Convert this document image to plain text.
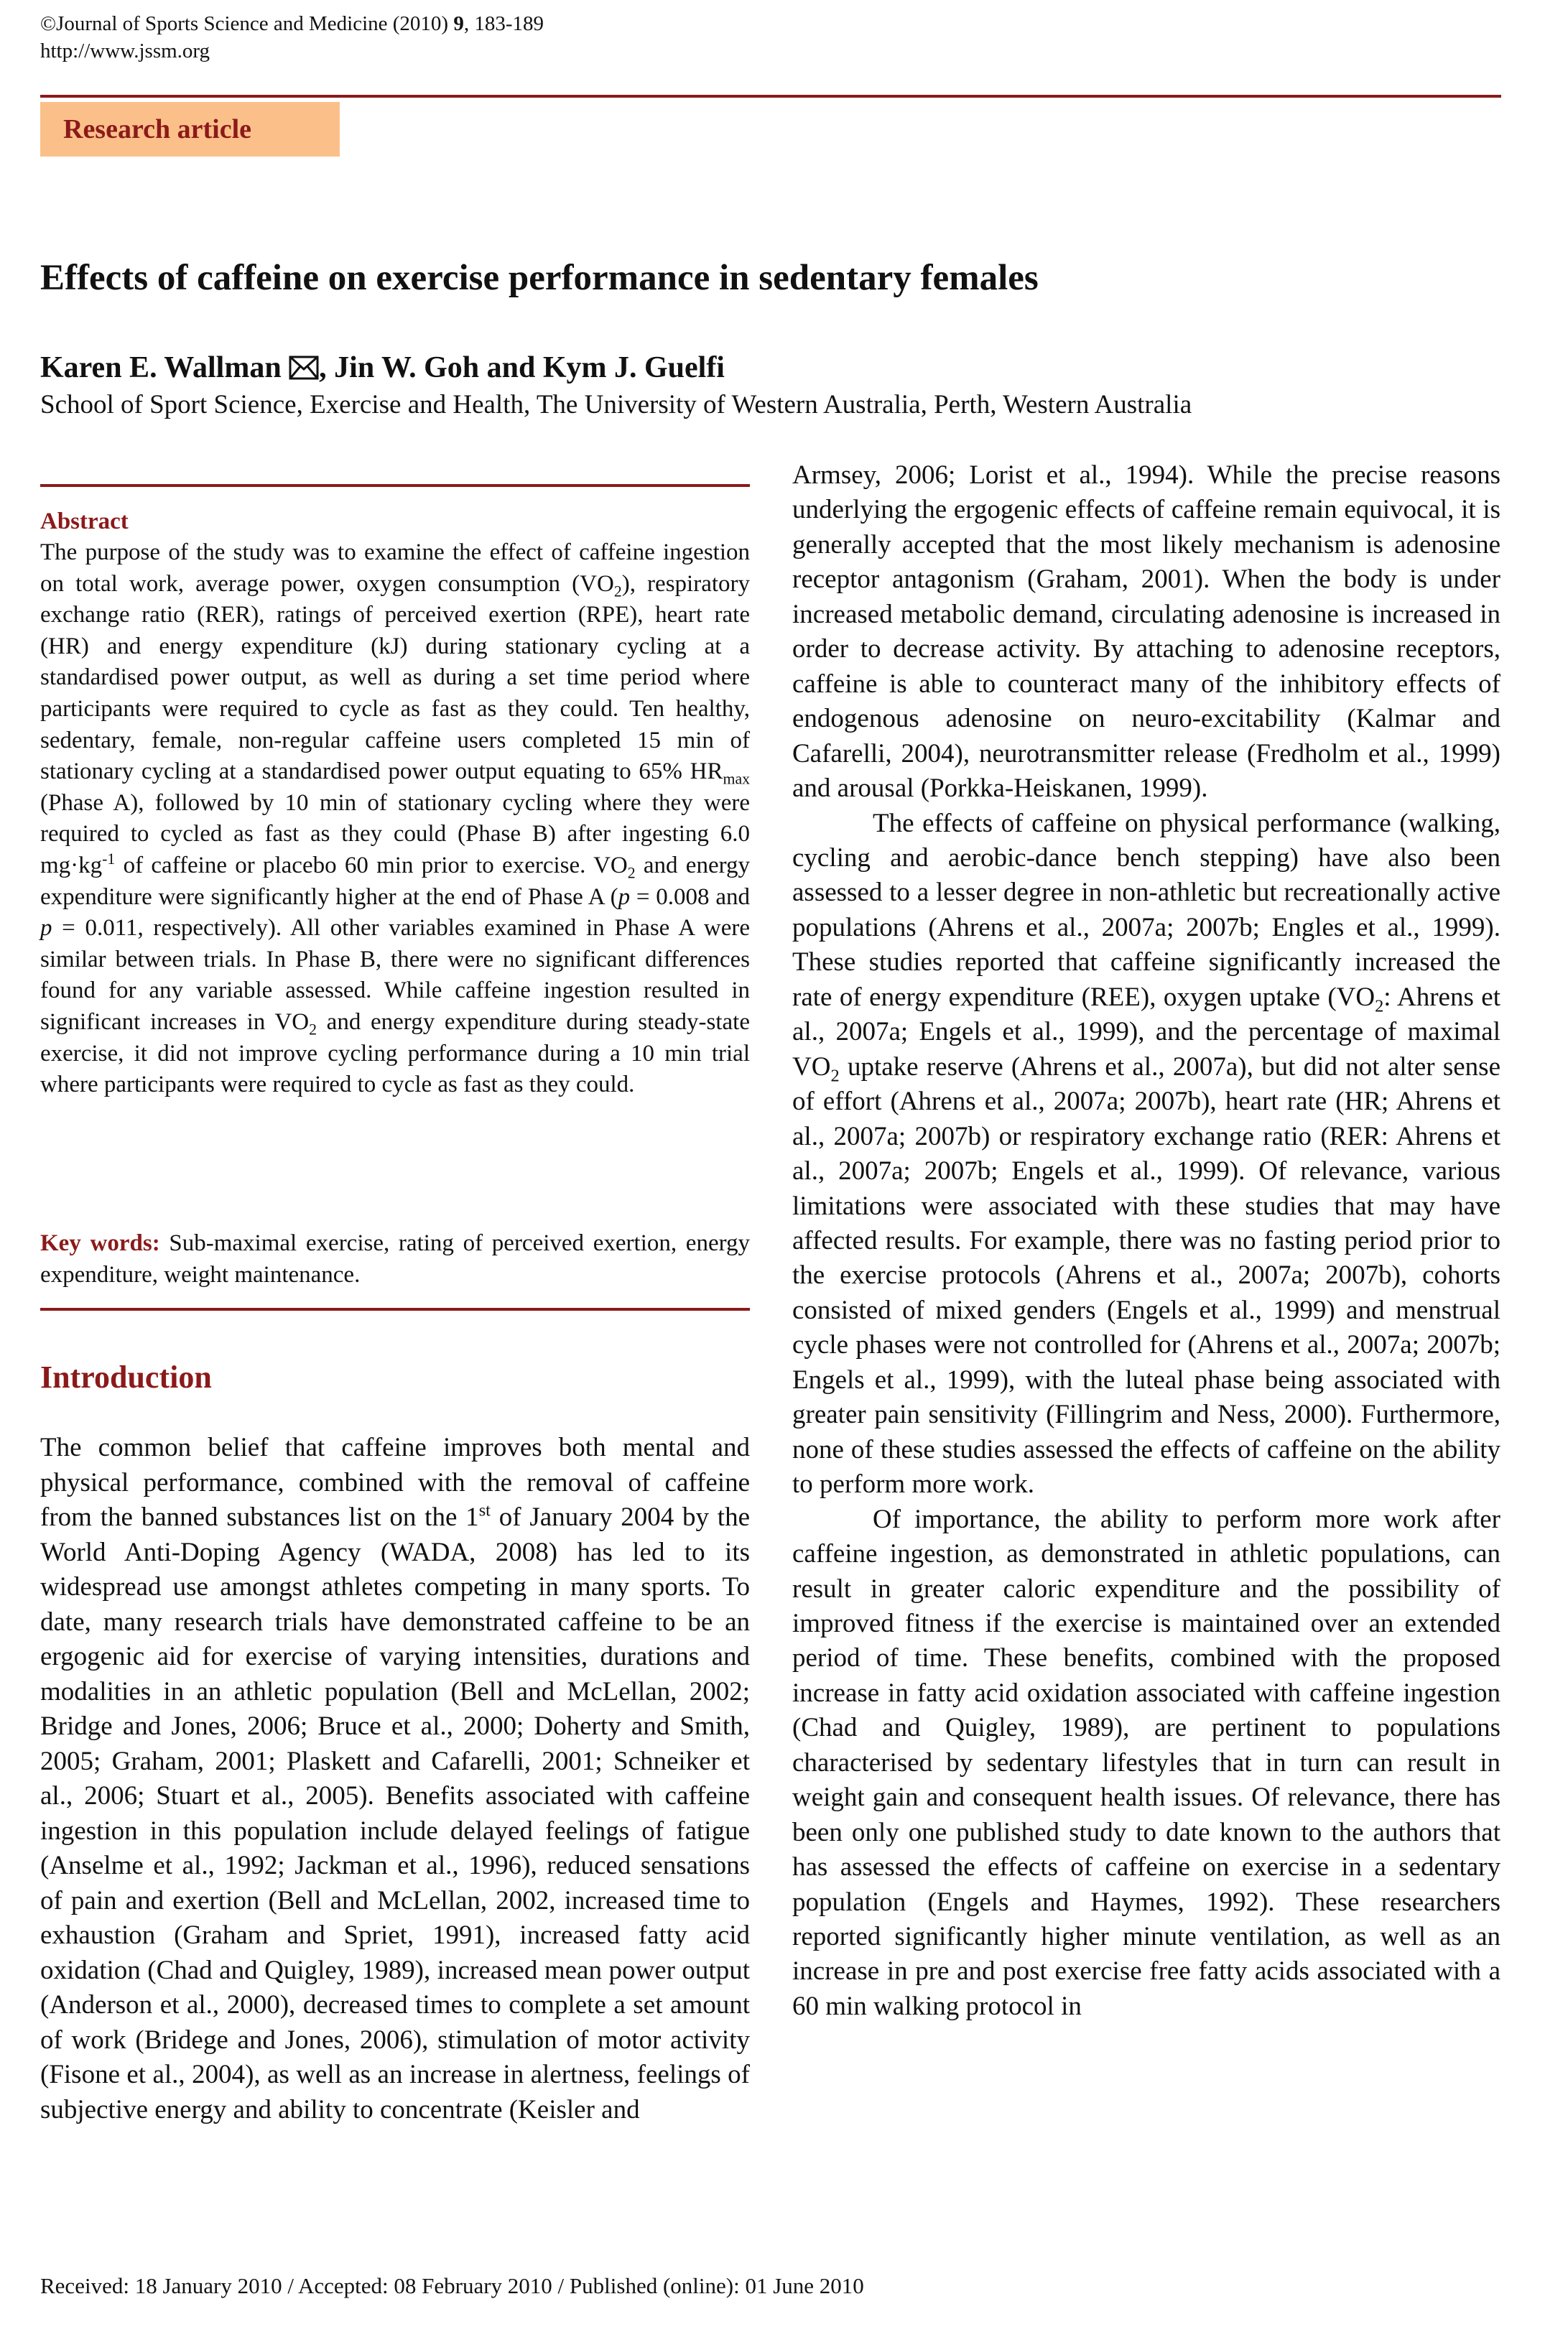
©Journal of Sports Science and Medicine (2010) 9, 183-189
http://www.jssm.org
Research article
Effects of caffeine on exercise performance in sedentary females
Karen E. Wallman , Jin W. Goh and Kym J. Guelfi
School of Sport Science, Exercise and Health, The University of Western Australia, Perth, Western Australia
Abstract
The purpose of the study was to examine the effect of caffeine ingestion on total work, average power, oxygen consumption $(VO_2)$, respiratory exchange ratio (RER), ratings of perceived exertion (RPE), heart rate (HR) and energy expenditure (kJ) during stationary cycling at a standardised power output, as well as during a set time period where participants were required to cycle as fast as they could. Ten healthy, sedentary, female, non-regular caffeine users completed 15 min of stationary cycling at a standardised power output equating to 65% $HR_{max}$ (Phase A), followed by 10 min of stationary cycling where they were required to cycled as fast as they could (Phase B) after ingesting 6.0 $mg\cdot kg^{-1}$ of caffeine or placebo 60 min prior to exercise. $VO_2$ and energy expenditure were significantly higher at the end of Phase A (p = 0.008 and p = 0.011, respectively). All other variables examined in Phase A were similar between trials. In Phase B, there were no significant differences found for any variable assessed. While caffeine ingestion resulted in significant increases in $VO_2$ and energy expenditure during steady-state exercise, it did not improve cycling performance during a 10 min trial where participants were required to cycle as fast as they could.
Key words: Sub-maximal exercise, rating of perceived exertion, energy expenditure, weight maintenance.
Introduction
The common belief that caffeine improves both mental and physical performance, combined with the removal of caffeine from the banned substances list on the 1st of January 2004 by the World Anti-Doping Agency (WADA, 2008) has led to its widespread use amongst athletes competing in many sports. To date, many research trials have demonstrated caffeine to be an ergogenic aid for exercise of varying intensities, durations and modalities in an athletic population (Bell and McLellan, 2002; Bridge and Jones, 2006; Bruce et al., 2000; Doherty and Smith, 2005; Graham, 2001; Plaskett and Cafarelli, 2001; Schneiker et al., 2006; Stuart et al., 2005). Benefits associated with caffeine ingestion in this population include delayed feelings of fatigue (Anselme et al., 1992; Jackman et al., 1996), reduced sensations of pain and exertion (Bell and McLellan, 2002, increased time to exhaustion (Graham and Spriet, 1991), increased fatty acid oxidation (Chad and Quigley, 1989), increased mean power output (Anderson et al., 2000), decreased times to complete a set amount of work (Bridege and Jones, 2006), stimulation of motor activity (Fisone et al., 2004), as well as an increase in alertness, feelings of subjective energy and ability to concentrate (Keisler and

Armsey, 2006; Lorist et al., 1994). While the precise reasons underlying the ergogenic effects of caffeine remain equivocal, it is generally accepted that the most likely mechanism is adenosine receptor antagonism (Graham, 2001). When the body is under increased metabolic demand, circulating adenosine is increased in order to decrease activity. By attaching to adenosine receptors, caffeine is able to counteract many of the inhibitory effects of endogenous adenosine on neuro-excitability (Kalmar and Cafarelli, 2004), neurotransmitter release (Fredholm et al., 1999) and arousal (Porkka-Heiskanen, 1999).

The effects of caffeine on physical performance (walking, cycling and aerobic-dance bench stepping) have also been assessed to a lesser degree in non-athletic but recreationally active populations (Ahrens et al., 2007a; 2007b; Engles et al., 1999). These studies reported that caffeine significantly increased the rate of energy expenditure (REE), oxygen uptake ($VO_2$: Ahrens et al., 2007a; Engels et al., 1999), and the percentage of maximal $VO_2$ uptake reserve (Ahrens et al., 2007a), but did not alter sense of effort (Ahrens et al., 2007a; 2007b), heart rate (HR; Ahrens et al., 2007a; 2007b) or respiratory exchange ratio (RER: Ahrens et al., 2007a; 2007b; Engels et al., 1999). Of relevance, various limitations were associated with these studies that may have affected results. For example, there was no fasting period prior to the exercise protocols (Ahrens et al., 2007a; 2007b), cohorts consisted of mixed genders (Engels et al., 1999) and menstrual cycle phases were not controlled for (Ahrens et al., 2007a; 2007b; Engels et al., 1999), with the luteal phase being associated with greater pain sensitivity (Fillingrim and Ness, 2000). Furthermore, none of these studies assessed the effects of caffeine on the ability to perform more work.

Of importance, the ability to perform more work after caffeine ingestion, as demonstrated in athletic populations, can result in greater caloric expenditure and the possibility of improved fitness if the exercise is maintained over an extended period of time. These benefits, combined with the proposed increase in fatty acid oxidation associated with caffeine ingestion (Chad and Quigley, 1989), are pertinent to populations characterised by sedentary lifestyles that in turn can result in weight gain and consequent health issues. Of relevance, there has been only one published study to date known to the authors that has assessed the effects of caffeine on exercise in a sedentary population (Engels and Haymes, 1992). These researchers reported significantly higher minute ventilation, as well as an increase in pre and post exercise free fatty acids associated with a 60 min walking protocol in

Received: 18 January 2010 / Accepted: 08 February 2010 / Published (online): 01 June 2010
